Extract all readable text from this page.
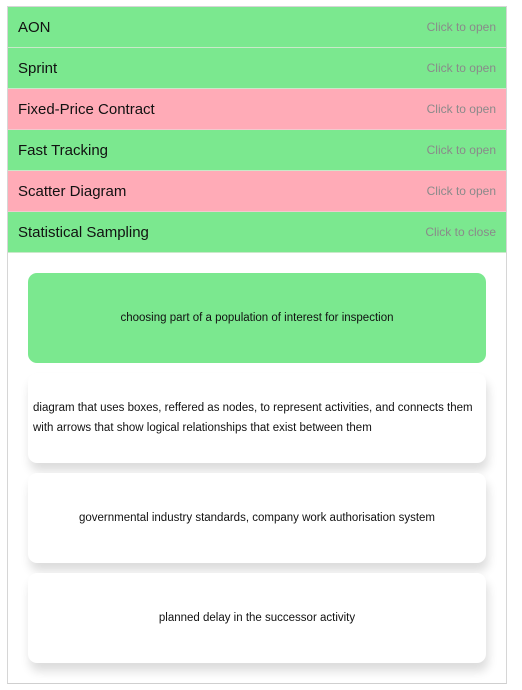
AON	Click to open
Sprint	Click to open
Fixed-Price Contract	Click to open
Fast Tracking	Click to open
Scatter Diagram	Click to open
Statistical Sampling	Click to close
choosing part of a population of interest for inspection
diagram that uses boxes, reffered as nodes, to represent activities, and connects them with arrows that show logical relationships that exist between them
governmental industry standards, company work authorisation system
planned delay in the successor activity
